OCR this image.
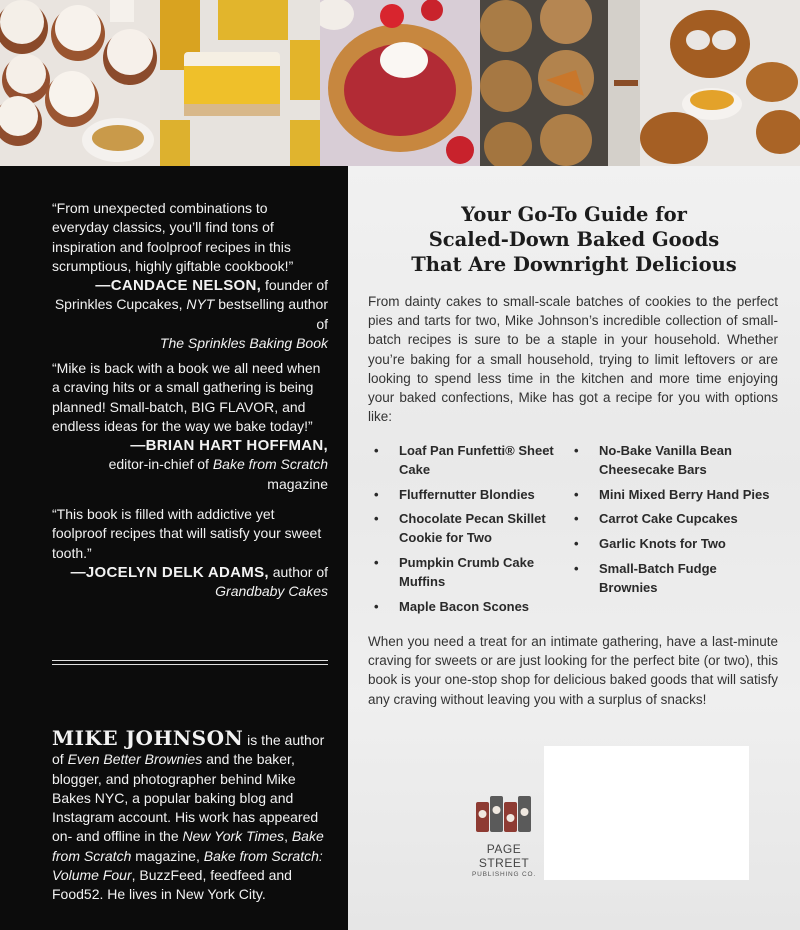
“From unexpected combinations to everyday classics, you’ll find tons of inspiration and foolproof recipes in this scrumptious, highly giftable cookbook!”
—CANDACE NELSON, founder of Sprinkles Cupcakes, NYT bestselling author of
The Sprinkles Baking Book
“Mike is back with a book we all need when a craving hits or a small gathering is being planned! Small-batch, BIG FLAVOR, and endless ideas for the way we bake today!”
—BRIAN HART HOFFMAN,
editor-in-chief of Bake from Scratch magazine
“This book is filled with addictive yet foolproof recipes that will satisfy your sweet tooth.”
—JOCELYN DELK ADAMS, author of
Grandbaby Cakes

MIKE JOHNSON is the author of Even Better Brownies and the baker, blogger, and photographer behind Mike Bakes NYC, a popular baking blog and Instagram account. His work has appeared on- and offline in the New York Times, Bake from Scratch magazine, Bake from Scratch: Volume Four, BuzzFeed, feedfeed and Food52. He lives in New York City.

Your Go-To Guide for
Scaled-Down Baked Goods
That Are Downright Delicious

From dainty cakes to small-scale batches of cookies to the perfect pies and tarts for two, Mike Johnson’s incredible collection of small-batch recipes is sure to be a staple in your household. Whether you’re baking for a small household, trying to limit leftovers or are looking to spend less time in the kitchen and more time enjoying your baked confections, Mike has got a recipe for you with options like:

• Loaf Pan Funfetti® Sheet Cake
• Fluffernutter Blondies
• Chocolate Pecan Skillet Cookie for Two
• Pumpkin Crumb Cake Muffins
• Maple Bacon Scones
• No-Bake Vanilla Bean Cheesecake Bars
• Mini Mixed Berry Hand Pies
• Carrot Cake Cupcakes
• Garlic Knots for Two
• Small-Batch Fudge Brownies

When you need a treat for an intimate gathering, have a last-minute craving for sweets or are just looking for the perfect bite (or two), this book is your one-stop shop for delicious baked goods that will satisfy any craving without leaving you with a surplus of snacks!

PAGE STREET
PUBLISHING CO.
